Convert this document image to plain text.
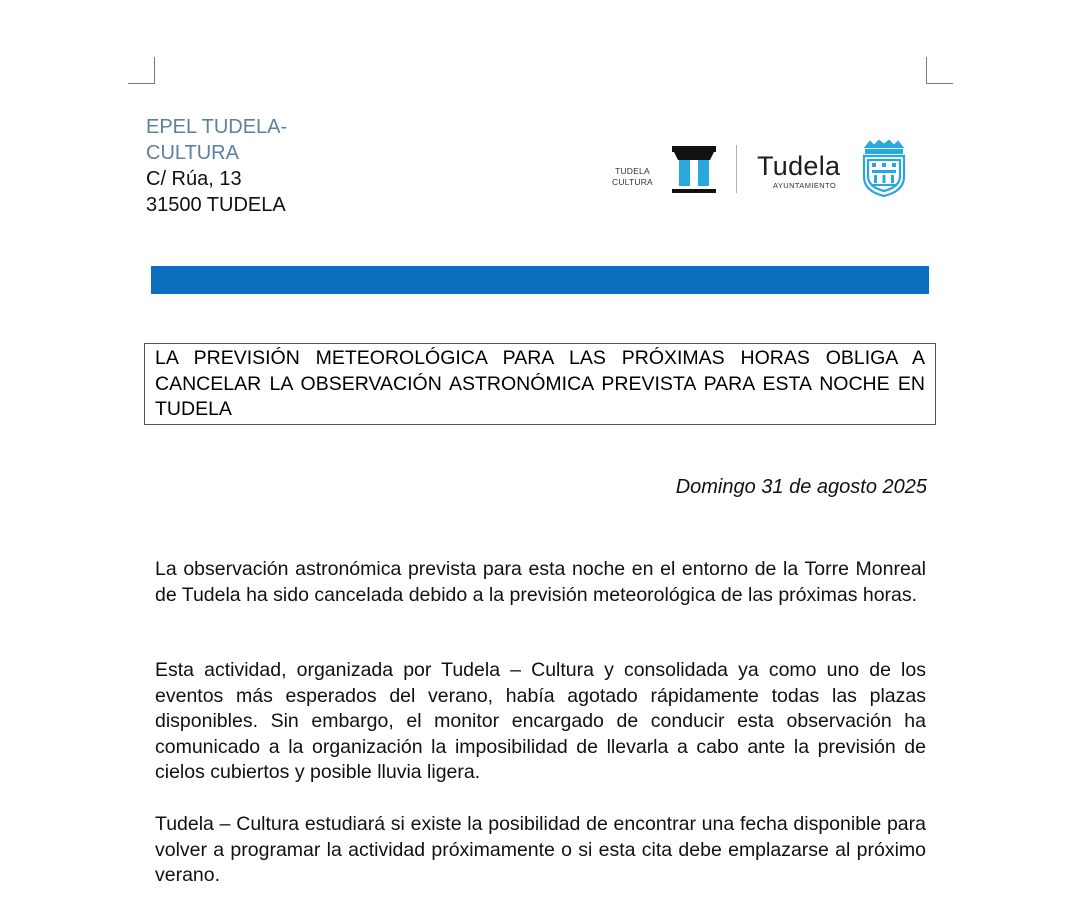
EPEL TUDELA-
CULTURA
C/ Rúa, 13
31500 TUDELA
TUDELA
CULTURA
Tudela
AYUNTAMIENTO
LA PREVISIÓN METEOROLÓGICA PARA LAS PRÓXIMAS HORAS OBLIGA A CANCELAR LA OBSERVACIÓN ASTRONÓMICA PREVISTA PARA ESTA NOCHE EN TUDELA
Domingo 31 de agosto 2025

La observación astronómica prevista para esta noche en el entorno de la Torre Monreal de Tudela ha sido cancelada debido a la previsión meteorológica de las próximas horas.

Esta actividad, organizada por Tudela – Cultura y consolidada ya como uno de los eventos más esperados del verano, había agotado rápidamente todas las plazas disponibles. Sin embargo, el monitor encargado de conducir esta observación ha comunicado a la organización la imposibilidad de llevarla a cabo ante la previsión de cielos cubiertos y posible lluvia ligera.

Tudela – Cultura estudiará si existe la posibilidad de encontrar una fecha disponible para volver a programar la actividad próximamente o si esta cita debe emplazarse al próximo verano.
